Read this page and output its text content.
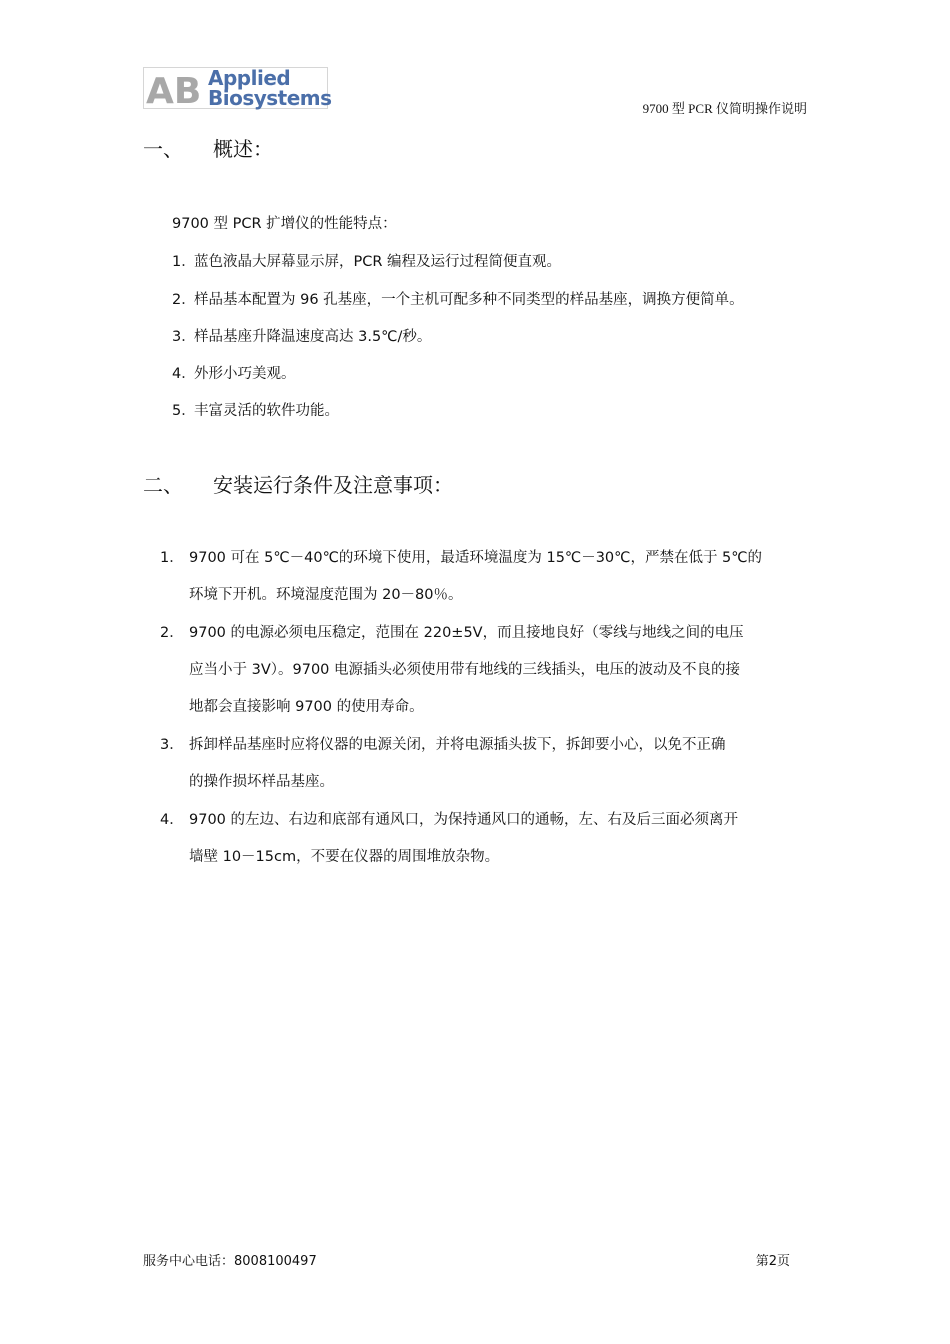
AB Applied
Biosystems	9700 型 PCR 仪简明操作说明
一、 概述：
9700 型 PCR 扩增仪的性能特点：
1．蓝色液晶大屏幕显示屏，PCR 编程及运行过程简便直观。
2．样品基本配置为 96 孔基座，一个主机可配多种不同类型的样品基座，调换方便简单。
3．样品基座升降温速度高达 3.5℃/秒。
4．外形小巧美观。
5．丰富灵活的软件功能。
二、 安装运行条件及注意事项：
1． 9700 可在 5℃－40℃的环境下使用，最适环境温度为 15℃－30℃，严禁在低于 5℃的
环境下开机。环境湿度范围为 20－80％。
2． 9700 的电源必须电压稳定，范围在 220±5V，而且接地良好（零线与地线之间的电压
应当小于 3V）。9700 电源插头必须使用带有地线的三线插头，电压的波动及不良的接
地都会直接影响 9700 的使用寿命。
3． 拆卸样品基座时应将仪器的电源关闭，并将电源插头拔下，拆卸要小心，以免不正确
的操作损坏样品基座。
4． 9700 的左边、右边和底部有通风口，为保持通风口的通畅，左、右及后三面必须离开
墙壁 10－15cm，不要在仪器的周围堆放杂物。
服务中心电话：8008100497	第2页
